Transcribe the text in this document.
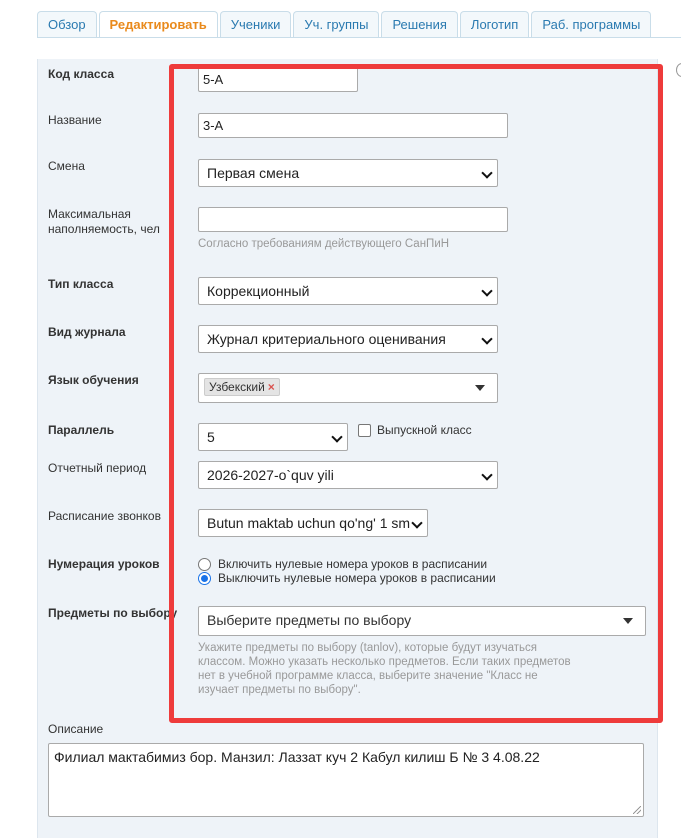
Обзор	Редактировать	Ученики	Уч. группы	Решения	Логотип	Раб. программы
Код класса	5-А
Название	3-А
Смена	Первая смена
Максимальная
наполняемость, чел
Согласно требованиям действующего СанПиН
Тип класса	Коррекционный
Вид журнала	Журнал критериального оценивания
Язык обучения	Узбекский ×
Параллель	5	Выпускной класс
Отчетный период	2026-2027-o`quv yili
Расписание звонков	Butun maktab uchun qo'ng' 1 sm
Нумерация уроков	Включить нулевые номера уроков в расписании
Выключить нулевые номера уроков в расписании
Предметы по выбору	Выберите предметы по выбору
Укажите предметы по выбору (tanlov), которые будут изучаться
классом. Можно указать несколько предметов. Если таких предметов
нет в учебной программе класса, выберите значение "Класс не
изучает предметы по выбору".
Описание
Филиал мактабимиз бор. Манзил: Лаззат куч 2 Кабул килиш Б № 3 4.08.22
